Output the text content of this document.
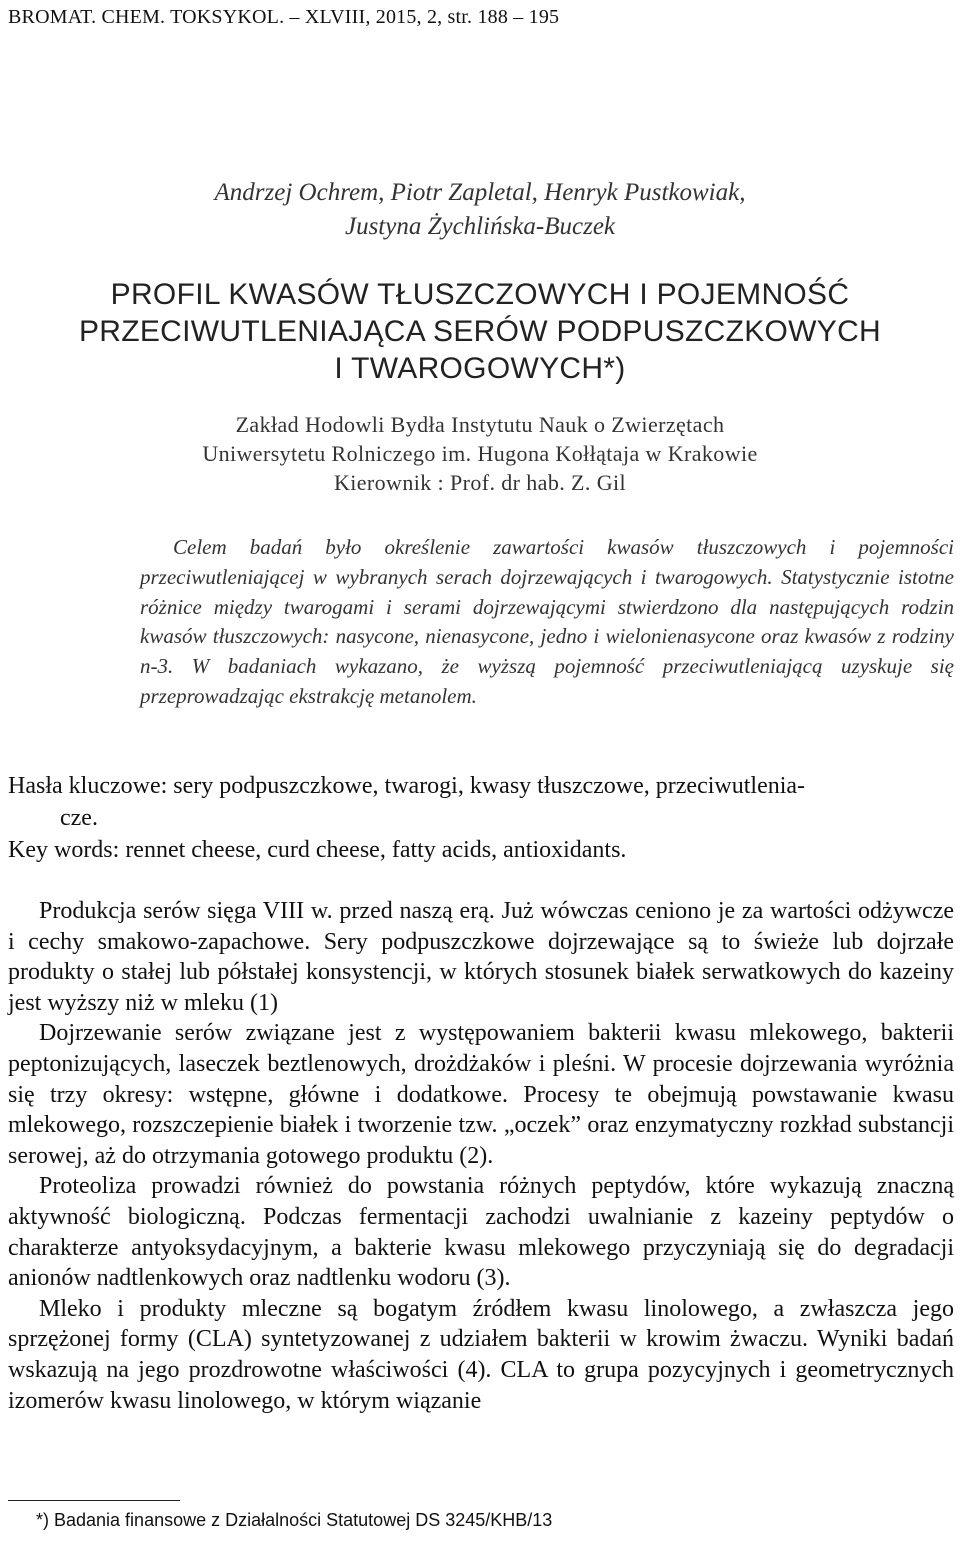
BROMAT. CHEM. TOKSYKOL. – XLVIII, 2015, 2, str. 188 – 195
Andrzej Ochrem, Piotr Zapletal, Henryk Pustkowiak,
Justyna Żychlińska-Buczek
PROFIL KWASÓW TŁUSZCZOWYCH I POJEMNOŚĆ
PRZECIWUTLENIAJĄCA SERÓW PODPUSZCZKOWYCH
I TWAROGOWYCH*)
Zakład Hodowli Bydła Instytutu Nauk o Zwierzętach
Uniwersytetu Rolniczego im. Hugona Kołłątaja w Krakowie
Kierownik : Prof. dr hab. Z. Gil

Celem badań było określenie zawartości kwasów tłuszczowych i pojemności przeciwutleniającej w wybranych serach dojrzewających i twarogowych. Statystycznie istotne różnice między twarogami i serami dojrzewającymi stwierdzono dla następujących rodzin kwasów tłuszczowych: nasycone, nienasycone, jedno i wielonienasycone oraz kwasów z rodziny n-3. W badaniach wykazano, że wyższą pojemność przeciwutleniającą uzyskuje się przeprowadzając ekstrakcję metanolem.

Hasła kluczowe: sery podpuszczkowe, twarogi, kwasy tłuszczowe, przeciwutlenia-

cze.

Key words: rennet cheese, curd cheese, fatty acids, antioxidants.

Produkcja serów sięga VIII w. przed naszą erą. Już wówczas ceniono je za wartości odżywcze i cechy smakowo-zapachowe. Sery podpuszczkowe dojrzewające są to świeże lub dojrzałe produkty o stałej lub półstałej konsystencji, w których stosunek białek serwatkowych do kazeiny jest wyższy niż w mleku (1)

Dojrzewanie serów związane jest z występowaniem bakterii kwasu mlekowego, bakterii peptonizujących, laseczek beztlenowych, drożdżaków i pleśni. W procesie dojrzewania wyróżnia się trzy okresy: wstępne, główne i dodatkowe. Procesy te obejmują powstawanie kwasu mlekowego, rozszczepienie białek i tworzenie tzw. „oczek” oraz enzymatyczny rozkład substancji serowej, aż do otrzymania gotowego produktu (2).

Proteoliza prowadzi również do powstania różnych peptydów, które wykazują znaczną aktywność biologiczną. Podczas fermentacji zachodzi uwalnianie z kazeiny peptydów o charakterze antyoksydacyjnym, a bakterie kwasu mlekowego przyczyniają się do degradacji anionów nadtlenkowych oraz nadtlenku wodoru (3).

Mleko i produkty mleczne są bogatym źródłem kwasu linolowego, a zwłaszcza jego sprzężonej formy (CLA) syntetyzowanej z udziałem bakterii w krowim żwaczu. Wyniki badań wskazują na jego prozdrowotne właściwości (4). CLA to grupa pozycyjnych i geometrycznych izomerów kwasu linolowego, w którym wiązanie

*) Badania finansowe z Działalności Statutowej DS 3245/KHB/13
